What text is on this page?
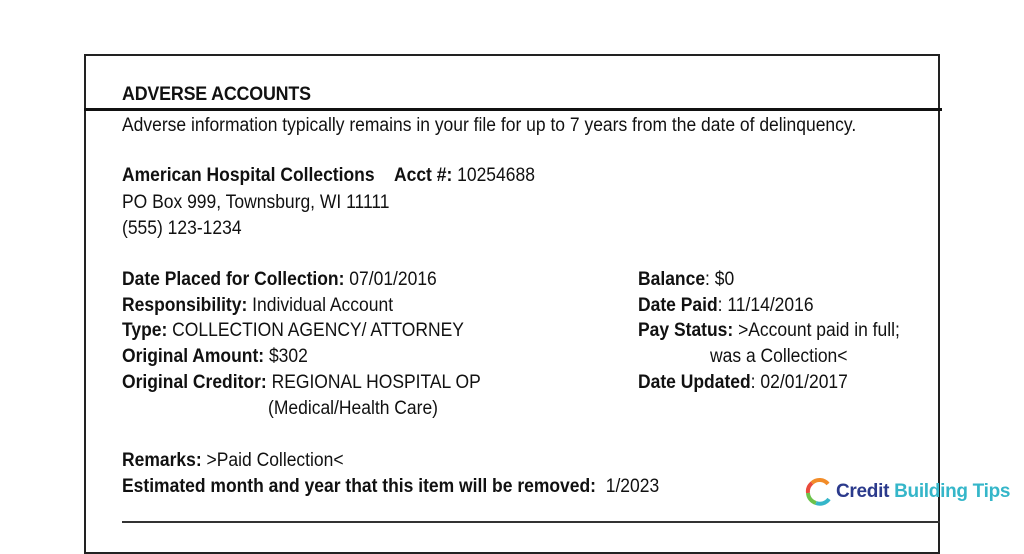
ADVERSE ACCOUNTS
Adverse information typically remains in your file for up to 7 years from the date of delinquency.
American Hospital Collections Acct #: 10254688
PO Box 999, Townsburg, WI 11111
(555) 123-1234
Date Placed for Collection: 07/01/2016
Responsibility: Individual Account
Type: COLLECTION AGENCY/ ATTORNEY
Original Amount: $302
Original Creditor: REGIONAL HOSPITAL OP
(Medical/Health Care)
Balance: $0
Date Paid: 11/14/2016
Pay Status: >Account paid in full;
was a Collection<
Date Updated: 02/01/2017
Remarks: >Paid Collection<
Estimated month and year that this item will be removed: 1/2023	Credit Building Tips
